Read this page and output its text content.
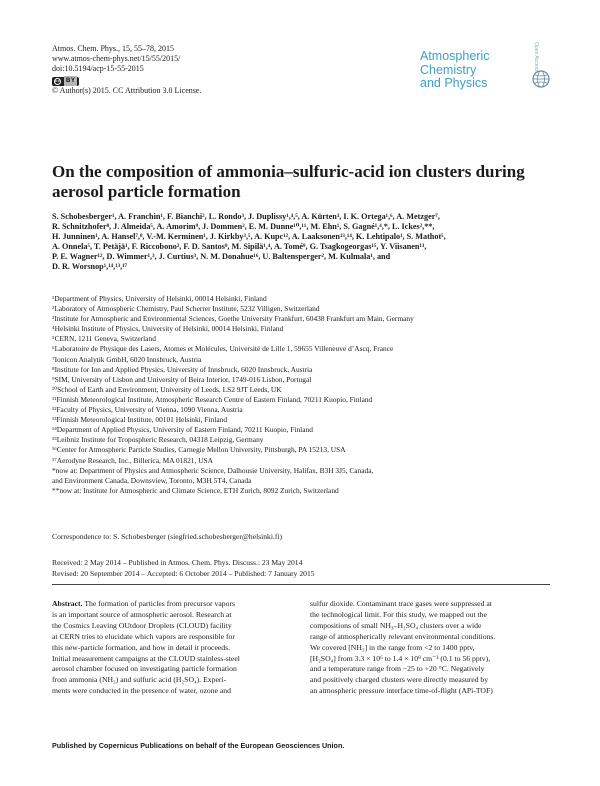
Atmos. Chem. Phys., 15, 55–78, 2015
www.atmos-chem-phys.net/15/55/2015/
doi:10.5194/acp-15-55-2015
cc BY
© Author(s) 2015. CC Attribution 3.0 License.
Atmospheric
Chemistry
and Physics
Open Access
On the composition of ammonia–sulfuric-acid ion clusters during
aerosol particle formation
S. Schobesberger¹, A. Franchin¹, F. Bianchi², L. Rondo³, J. Duplissy¹,⁴,⁵, A. Kürten³, I. K. Ortega¹,⁶, A. Metzger⁷,
R. Schnitzhofer⁸, J. Almeida⁵, A. Amorim⁹, J. Dommen², E. M. Dunne¹⁰,¹¹, M. Ehn¹, S. Gagné¹,⁴,*, L. Ickes²,**,
H. Junninen¹, A. Hansel⁷,⁸, V.-M. Kerminen¹, J. Kirkby³,⁵, A. Kupc¹², A. Laaksonen¹³,¹⁴, K. Lehtipalo¹, S. Mathot⁵,
A. Onnela⁵, T. Petäjä¹, F. Riccobono², F. D. Santos⁹, M. Sipilä¹,⁴, A. Tomé⁹, G. Tsagkogeorgas¹⁵, Y. Viisanen¹³,
P. E. Wagner¹², D. Wimmer¹,³, J. Curtius³, N. M. Donahue¹⁶, U. Baltensperger², M. Kulmala¹, and
D. R. Worsnop¹,¹⁴,¹³,¹⁷
¹Department of Physics, University of Helsinki, 00014 Helsinki, Finland
²Laboratory of Atmospheric Chemistry, Paul Scherrer Institute, 5232 Villigen, Switzerland
³Institute for Atmospheric and Environmental Sciences, Goethe University Frankfurt, 60438 Frankfurt am Main, Germany
⁴Helsinki Institute of Physics, University of Helsinki, 00014 Helsinki, Finland
⁵CERN, 1211 Geneva, Switzerland
⁶Laboratoire de Physique des Lasers, Atomes et Molécules, Université de Lille 1, 59655 Villeneuve d’Ascq, France
⁷Ionicon Analytik GmbH, 6020 Innsbruck, Austria
⁸Institute for Ion and Applied Physics, University of Innsbruck, 6020 Innsbruck, Austria
⁹SIM, University of Lisbon and University of Beira Interior, 1749-016 Lisbon, Portugal
¹⁰School of Earth and Environment, University of Leeds, LS2 9JT Leeds, UK
¹¹Finnish Meteorological Institute, Atmospheric Research Centre of Eastern Finland, 70211 Kuopio, Finland
¹²Faculty of Physics, University of Vienna, 1090 Vienna, Austria
¹³Finnish Meteorological Institute, 00101 Helsinki, Finland
¹⁴Department of Applied Physics, University of Eastern Finland, 70211 Kuopio, Finland
¹⁵Leibniz Institute for Tropospheric Research, 04318 Leipzig, Germany
¹⁶Center for Atmospheric Particle Studies, Carnegie Mellon University, Pittsburgh, PA 15213, USA
¹⁷Aerodyne Research, Inc., Billerica, MA 01821, USA
*now at: Department of Physics and Atmospheric Science, Dalhousie University, Halifax, B3H 3J5, Canada,
and Environment Canada, Downsview, Toronto, M3H 5T4, Canada
**now at: Institute for Atmospheric and Climate Science, ETH Zurich, 8092 Zurich, Switzerland
Correspondence to: S. Schobesberger (siegfried.schobesberger@helsinki.fi)
Received: 2 May 2014 – Published in Atmos. Chem. Phys. Discuss.: 23 May 2014
Revised: 20 September 2014 – Accepted: 6 October 2014 – Published: 7 January 2015
Abstract. The formation of particles from precursor vapors
is an important source of atmospheric aerosol. Research at
the Cosmics Leaving OUtdoor Droplets (CLOUD) facility
at CERN tries to elucidate which vapors are responsible for
this new-particle formation, and how in detail it proceeds.
Initial measurement campaigns at the CLOUD stainless-steel
aerosol chamber focused on investigating particle formation
from ammonia (NH₃) and sulfuric acid (H₂SO₄). Experi-
ments were conducted in the presence of water, ozone and
sulfur dioxide. Contaminant trace gases were suppressed at
the technological limit. For this study, we mapped out the
compositions of small NH₃–H₂SO₄ clusters over a wide
range of atmospherically relevant environmental conditions.
We covered [NH₃] in the range from <2 to 1400 pptv,
[H₂SO₄] from 3.3 × 10⁶ to 1.4 × 10⁹ cm⁻³ (0.1 to 56 pptv),
and a temperature range from −25 to +20 °C. Negatively
and positively charged clusters were directly measured by
an atmospheric pressure interface time-of-flight (APi-TOF)
Published by Copernicus Publications on behalf of the European Geosciences Union.
